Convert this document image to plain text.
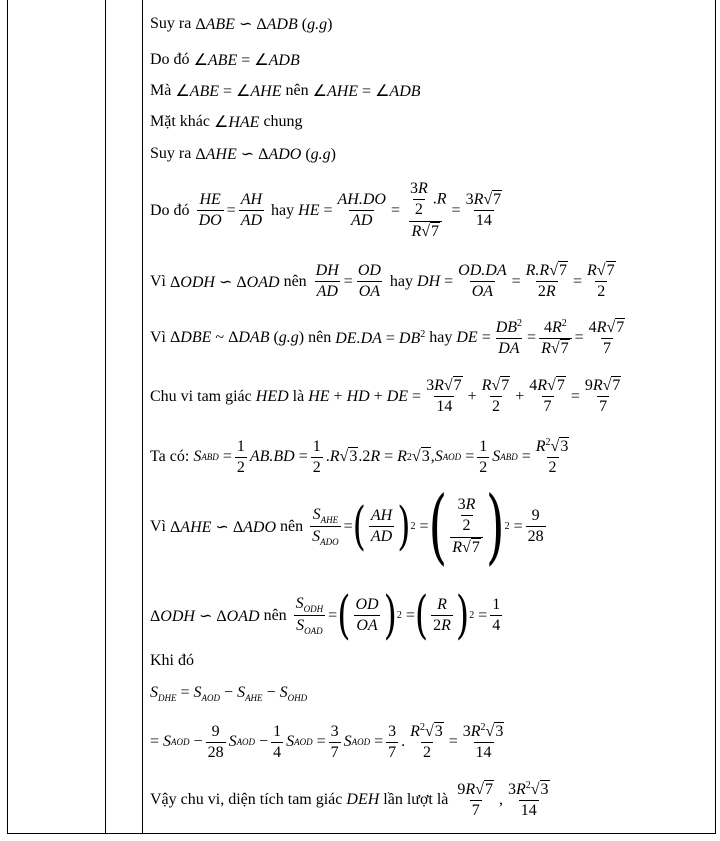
Suy ra
ΔABE ∽ ΔADB (g.g)
Do đó
∠ABE = ∠ADB
Mà
∠ABE = ∠AHE
nên
∠AHE = ∠ADB
Mặt khác
∠HAE
chung
Suy ra
ΔAHE ∽ ΔADO (g.g)
Do đó
$\frac{HE}{DO} = \frac{AH}{AD}$
hay
HE = $\frac{AH.DO}{AD} = \frac{\frac{3R}{2} .R}{R√7} = \frac{3R√7}{14}$
Vì
ΔODH ∽ ΔOAD
nên
$\frac{DH}{AD} = \frac{OD}{OA}$
hay
DH = $\frac{OD.DA}{OA} = \frac{R.R√7}{2R} = \frac{R√7}{2}$
Vì
ΔDBE ~ ΔDAB (g.g)
nên
$DE.DA = DB^2$
hay
DE = $\frac{DB^2}{DA} = \frac{4R^2}{R√7} = \frac{4R√7}{7}$
Chu vi tam giác
HED
là
HE + HD + DE = $\frac{3R√7}{14} + \frac{R√7}{2} + \frac{4R√7}{7} = \frac{9R√7}{7}$
Ta có:
S ABD = $\frac{1}{2} AB.BD = \frac{1}{2}$ . R √3 .2 R = R 2 √3 , S AOD = $\frac{1}{2}$ S ABD = $\frac{R^2√3}{2}$
Vì
ΔAHE ∽ ΔADO
nên
$\frac{S_{AHE}}{S_{ADO}}$ = ( $\frac{AH}{AD}$ ) 2 = ( $\frac{\frac{3R}{2}}{R√7}$ ) $2 = \frac{9}{28}$
ΔODH ∽ ΔOAD
nên
$\frac{S_{ODH}}{S_{OAD}}$ = ( $\frac{OD}{OA}$ ) 2 = ( $\frac{R}{2R}$ ) $2 = \frac{1}{4}$
Khi đó
$S_{DHE} = S_{AOD} - S_{AHE} - S_{OHD}$
= S AOD − $\frac{9}{28}$ S AOD − $\frac{1}{4}$ S AOD = $\frac{3}{7}$ S AOD = $\frac{3}{7}$ . $\frac{R^2√3}{2} = \frac{3R^2√3}{14}$
Vậy chu vi, diện tích tam giác
DEH
lần lượt là
$\frac{9R√7}{7}$ , $\frac{3R^2√3}{14}$
